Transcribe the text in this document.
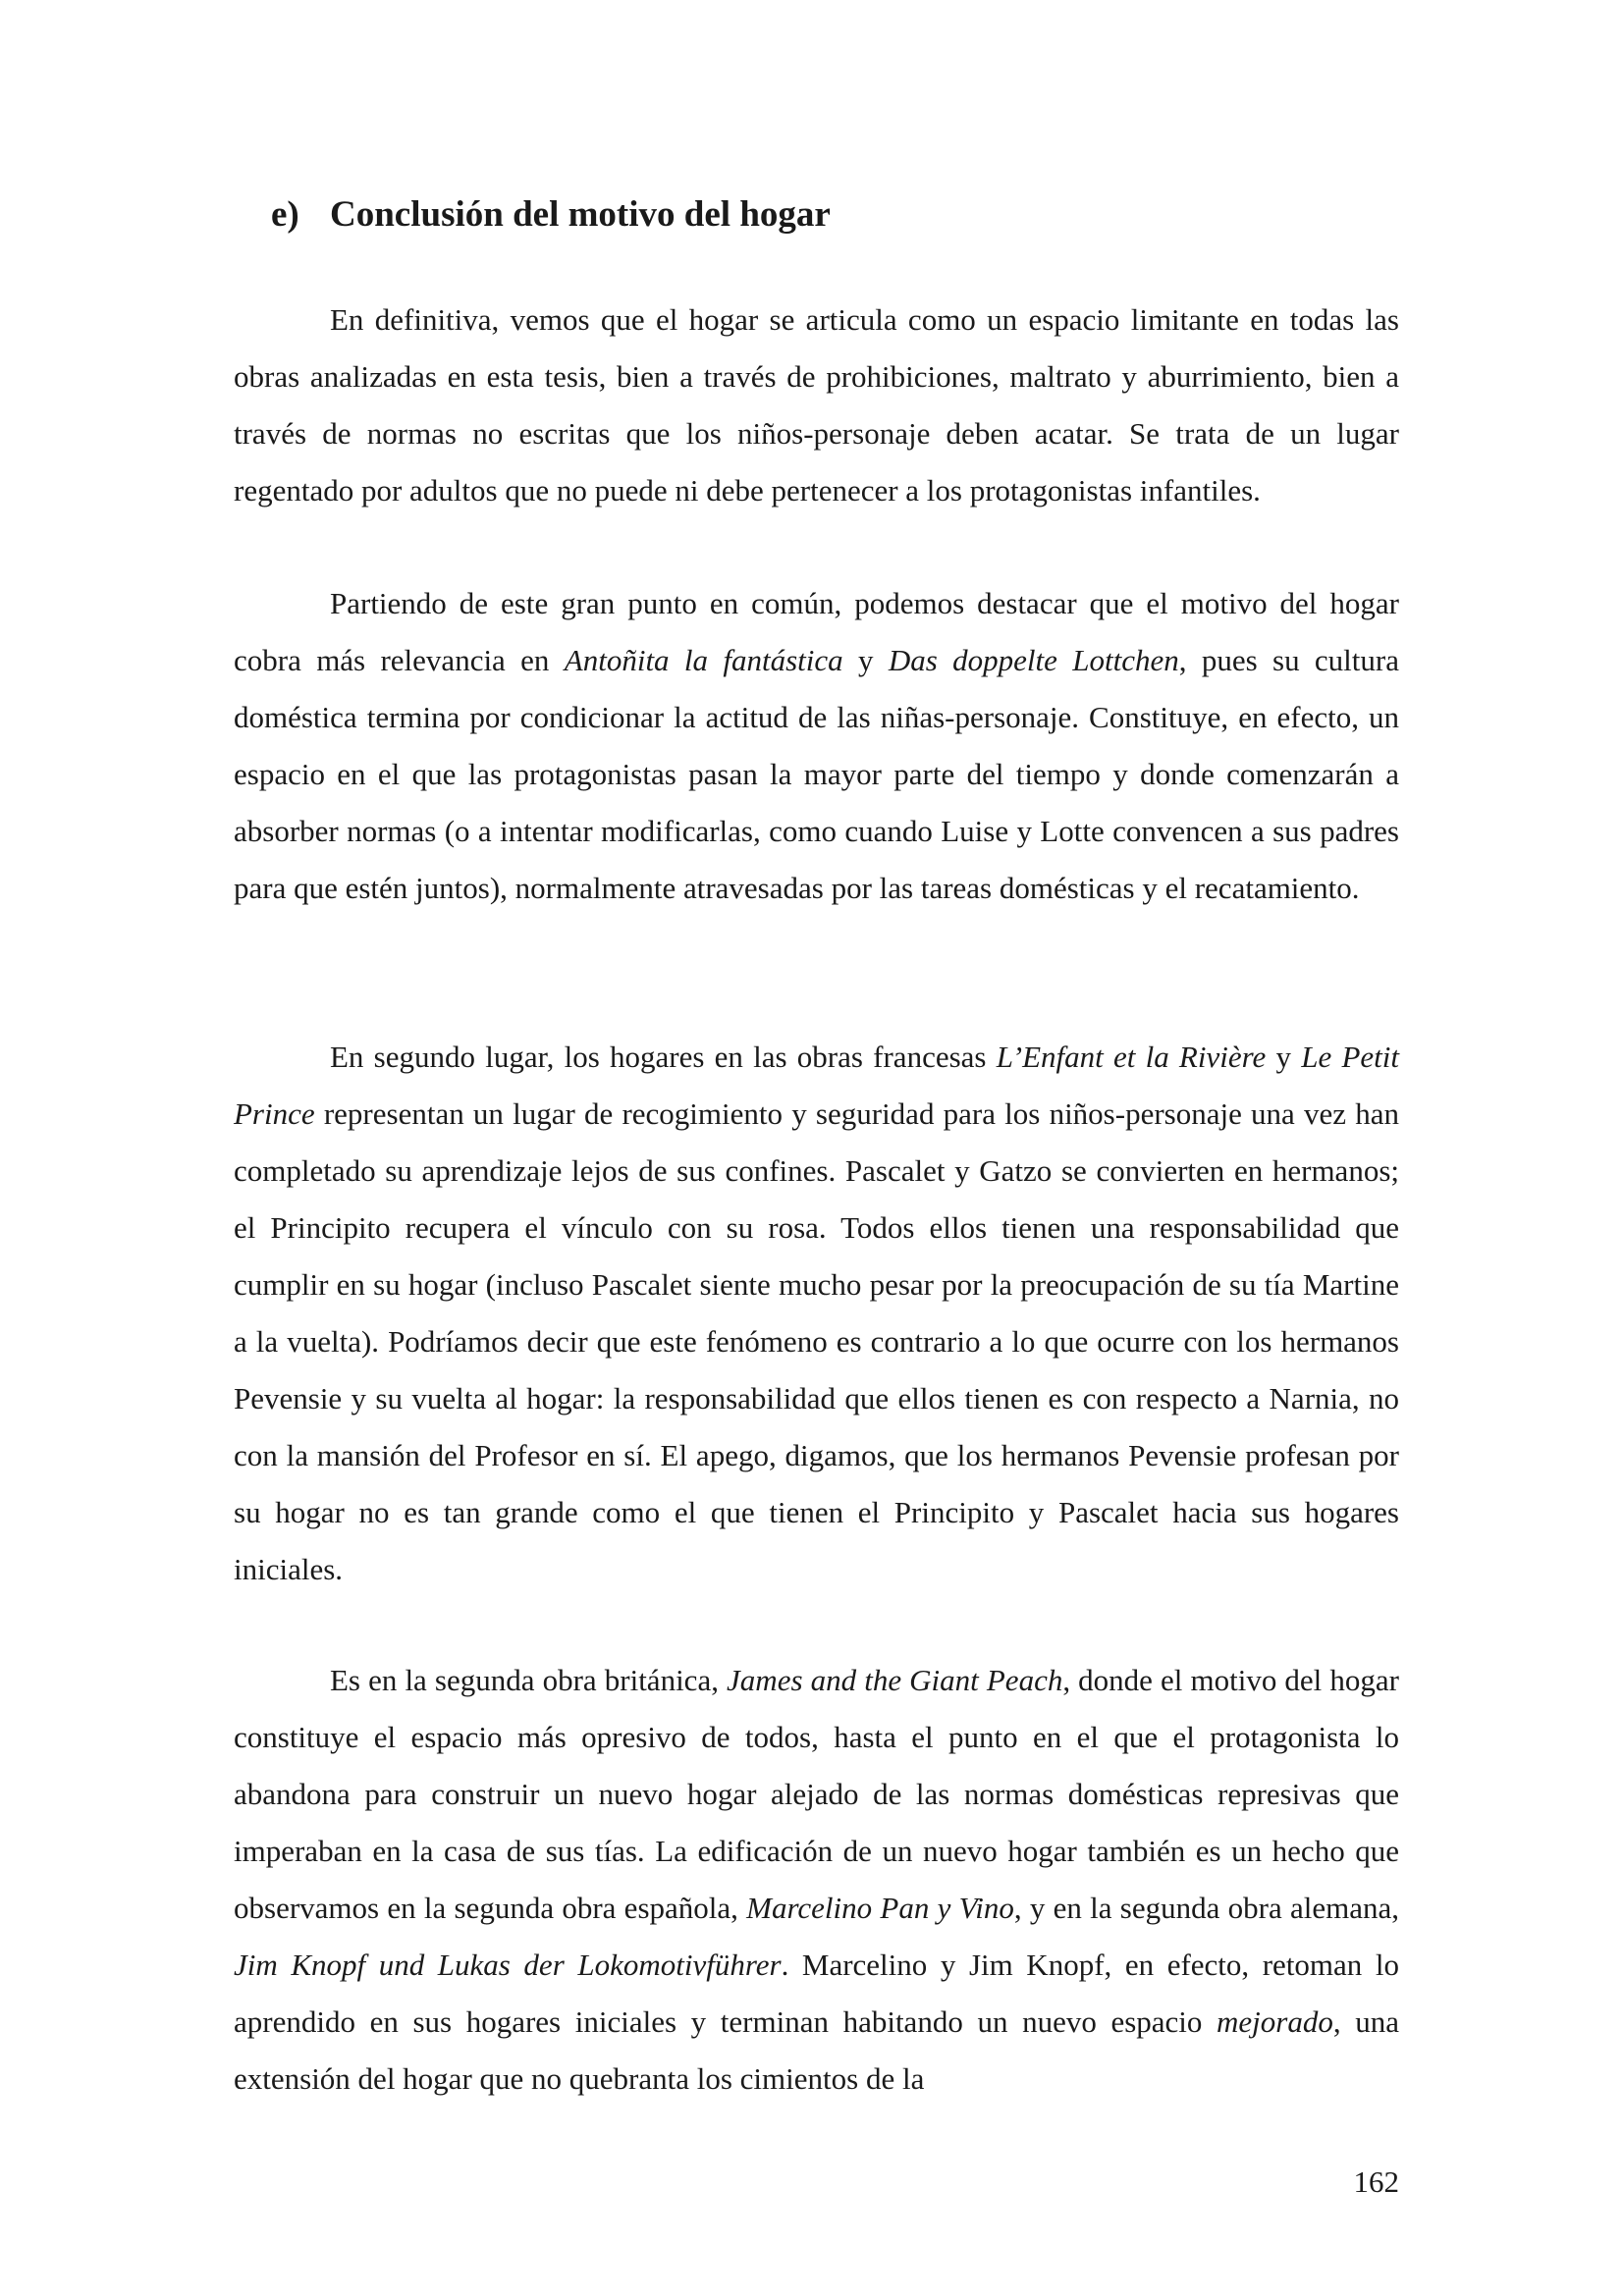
e) Conclusión del motivo del hogar

En definitiva, vemos que el hogar se articula como un espacio limitante en todas las obras analizadas en esta tesis, bien a través de prohibiciones, maltrato y aburrimiento, bien a través de normas no escritas que los niños-personaje deben acatar. Se trata de un lugar regentado por adultos que no puede ni debe pertenecer a los protagonistas infantiles.

Partiendo de este gran punto en común, podemos destacar que el motivo del hogar cobra más relevancia en Antoñita la fantástica y Das doppelte Lottchen, pues su cultura doméstica termina por condicionar la actitud de las niñas-personaje. Constituye, en efecto, un espacio en el que las protagonistas pasan la mayor parte del tiempo y donde comenzarán a absorber normas (o a intentar modificarlas, como cuando Luise y Lotte convencen a sus padres para que estén juntos), normalmente atravesadas por las tareas domésticas y el recatamiento.

En segundo lugar, los hogares en las obras francesas L’Enfant et la Rivière y Le Petit Prince representan un lugar de recogimiento y seguridad para los niños-personaje una vez han completado su aprendizaje lejos de sus confines. Pascalet y Gatzo se convierten en hermanos; el Principito recupera el vínculo con su rosa. Todos ellos tienen una responsabilidad que cumplir en su hogar (incluso Pascalet siente mucho pesar por la preocupación de su tía Martine a la vuelta). Podríamos decir que este fenómeno es contrario a lo que ocurre con los hermanos Pevensie y su vuelta al hogar: la responsabilidad que ellos tienen es con respecto a Narnia, no con la mansión del Profesor en sí. El apego, digamos, que los hermanos Pevensie profesan por su hogar no es tan grande como el que tienen el Principito y Pascalet hacia sus hogares iniciales.

Es en la segunda obra británica, James and the Giant Peach, donde el motivo del hogar constituye el espacio más opresivo de todos, hasta el punto en el que el protagonista lo abandona para construir un nuevo hogar alejado de las normas domésticas represivas que imperaban en la casa de sus tías. La edificación de un nuevo hogar también es un hecho que observamos en la segunda obra española, Marcelino Pan y Vino, y en la segunda obra alemana, Jim Knopf und Lukas der Lokomotivführer. Marcelino y Jim Knopf, en efecto, retoman lo aprendido en sus hogares iniciales y terminan habitando un nuevo espacio mejorado, una extensión del hogar que no quebranta los cimientos de la

162
